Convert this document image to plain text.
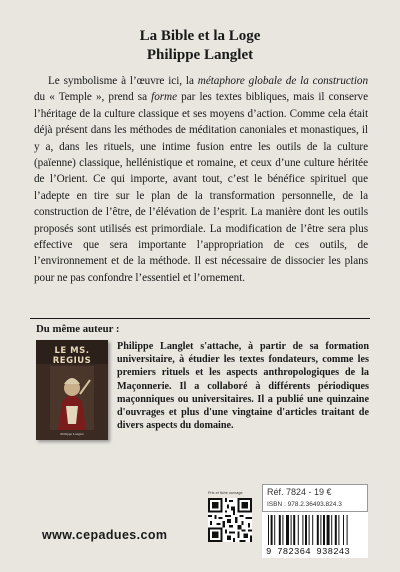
La Bible et la Loge
Philippe Langlet
Le symbolisme à l’œuvre ici, la métaphore globale de la construction du « Temple », prend sa forme par les textes bibliques, mais il conserve l’héritage de la culture classique et ses moyens d’action. Comme cela était déjà présent dans les méthodes de méditation canoniales et monastiques, il y a, dans les rituels, une intime fusion entre les outils de la culture (païenne) classique, hellénistique et romaine, et ceux d’une culture héritée de l’Orient. Ce qui importe, avant tout, c’est le bénéfice spirituel que l’adepte en tire sur le plan de la transformation personnelle, de la construction de l’être, de l’élévation de l’esprit. La manière dont les outils proposés sont utilisés est primordiale. La modification de l’être sera plus effective que sera importante l’appropriation de ces outils, de l’environnement et de la méthode. Il est nécessaire de dissocier les plans pour ne pas confondre l’essentiel et l’ornement.
Du même auteur :
LE MS. REGIUS
Philippe Langlet
Philippe Langlet s'attache, à partir de sa formation universitaire, à étudier les textes fondateurs, comme les premiers rituels et les aspects anthropologiques de la Maçonnerie. Il a collaboré à différents périodiques maçonniques ou universitaires. Il a publié une quinzaine d'ouvrages et plus d'une vingtaine d'articles traitant de divers aspects du domaine.
Prix et fiche ouvrage	Réf. 7824 - 19 €
ISBN : 978.2.36493.824.3
9 782364 938243
www.cepadues.com
